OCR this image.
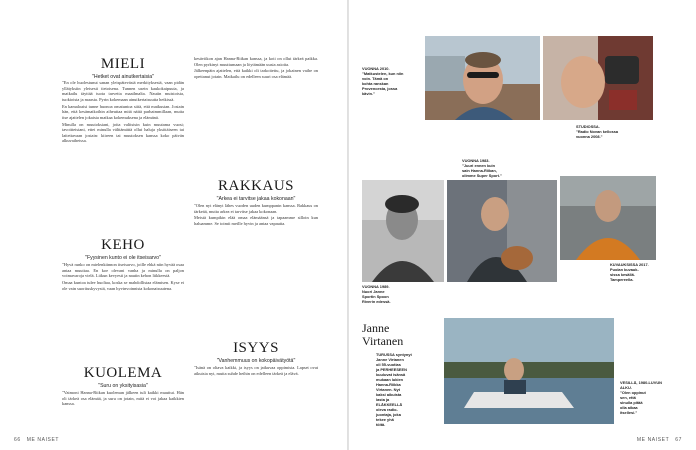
MIELI
"Hetket ovat ainutkertaisia"

"En ole huolestunut sanan yleispätevästä merkityksestä, vaan pidän yllätyksiin yleisesti tietoisena. Tunnen usein kaukokaipuuta, ja matkailu täyttää tuota tarvetta maailmalta. Nautin muistoista, tuokioista ja maasta. Pyrin kokemaan ainutkertaisuutta hetkissä.

En kamaloaisi tunne huonoa omatuntoa siitä, että matkustan. Jostain hän, että kesämatkoihin aiheuttaa mitä näitä parhaimmillaan, mutta itse ajattelen jokaista matkaa kokemuksena ja elämänä.

Minulla on muutoksiani, joita valitsisin kuin muutama vuosi; tavoitteistani, ettei minulla välttämättä ollut haluja yksittäiseen tai laitettavaan jostain: kiireen tai muutoksen kanssa koko päivän alkuvaiheissa.

KEHO
"Fyysinen kunto ei ole itseisarvo"

"Hyvä runko on mielenkiinnon itseisarvo, joille ehkä niin hyvää osaa antaa muuttaa. En koe olevani vanha ja minulla on paljon voimavaroja vielä. Liikun kevyesti ja nautin kehon liikkeestä.

Omaa kuntoa tulee huoltaa, koska se mahdollistaa elämisen. Kyse ei ole vain suorituskyvystä, vaan hyvinvoinnista kokonaisuutena.

KUOLEMA
"Suru on yksityisasia"

"Vaimoni Hanna-Riikan kuoleman jälkeen tuli kaikki muuttui. Hän oli tärkeä osa elämää, ja suru on jotain, mitä ei voi jakaa kaikkien kanssa.

kesäviikon ajan Hanna-Riikan kanssa, ja koti on ollut tärkeä paikka. Olen pyrkinyt muuttumaan ja löytämään uusia asioita.

Jälkeenpäin ajattelen, että kaikki oli tarkoitettu, ja jokainen vaihe on opettanut jotain. Matkailu on edelleen suuri osa elämää.

RAKKAUS
"Arkea ei tarvitse jakaa kokonaan"

"Olen nyt elänyt lähes vuoden uuden kumppanin kanssa. Rakkaus on tärkeää, mutta arkea ei tarvitse jakaa kokonaan.

Meistä kumpikin elää omaa elämäänsä ja tapaamme silloin kun haluamme. Se toimii meille hyvin ja antaa vapautta.

ISYYS
"Vanhemmuus on kokopäivätyötä"

"Isänä on oltava kaikki, ja isyys on jatkuvaa oppimista. Lapset ovat aikuisia nyt, mutta suhde heihin on edelleen tärkeä ja elävä.

66 ME NAISET
VUONNA 2010.
"Matkustelen, kun niin
voin. Tämä on
kohta ranskan
Provencesta, jossa
kävin."
STUDIOSSA.
"Radio Novan kellossa
vuonna 2008."
VUONNA 1983.
"Juuri ennen kuin
sain Hanna-Riikan,
olimme Super Sport."
VUONNA 1989.
Nuori Janne
Sportin Spoon
Riverin edessä.
KUVAUKSISSA 2017.
Puolan kuvauk-
sissa kesällä.
Tampereella.
Janne
Virtanen
TURUSSA syntynyt
Janne Virtanen
oli 55-vuotias
ja PERHEESEEN
kuuluvat isänsä
mukaan lukien
Hanna-Riikka
Virtanen. Nyt
kaksi aikuista
lasta ja
ELÄKKEELLÄ
oleva radio-
juontaja, joka
tekee yhä
töitä.
VESILLÄ, 1980-LUVUN
ALKU.
"Olen oppinut
sen, että
sinulla pitää
olla aikaa
itsellesi."
ME NAISET 67
